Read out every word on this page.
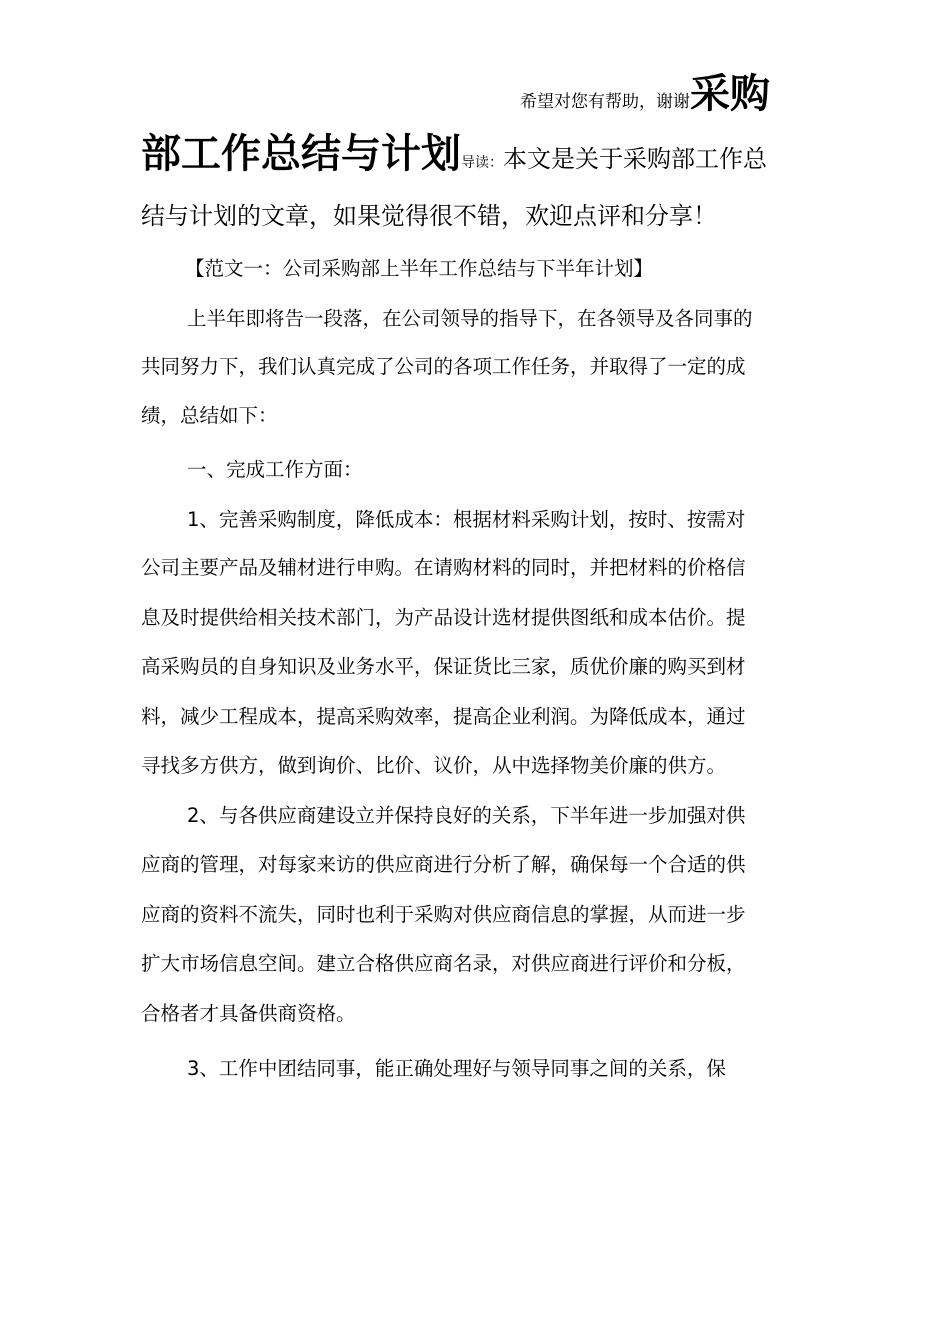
希望对您有帮助，谢谢采购
部工作总结与计划导读：本文是关于采购部工作总
结与计划的文章，如果觉得很不错，欢迎点评和分享！
【范文一：公司采购部上半年工作总结与下半年计划】
上半年即将告一段落，在公司领导的指导下，在各领导及各同事的
共同努力下，我们认真完成了公司的各项工作任务，并取得了一定的成
绩，总结如下：
一、完成工作方面：
1、完善采购制度，降低成本：根据材料采购计划，按时、按需对
公司主要产品及辅材进行申购。在请购材料的同时，并把材料的价格信
息及时提供给相关技术部门，为产品设计选材提供图纸和成本估价。提
高采购员的自身知识及业务水平，保证货比三家，质优价廉的购买到材
料，减少工程成本，提高采购效率，提高企业利润。为降低成本，通过
寻找多方供方，做到询价、比价、议价，从中选择物美价廉的供方。
2、与各供应商建设立并保持良好的关系，下半年进一步加强对供
应商的管理，对每家来访的供应商进行分析了解，确保每一个合适的供
应商的资料不流失，同时也利于采购对供应商信息的掌握，从而进一步
扩大市场信息空间。建立合格供应商名录，对供应商进行评价和分板，
合格者才具备供商资格。
3、工作中团结同事，能正确处理好与领导同事之间的关系，保
